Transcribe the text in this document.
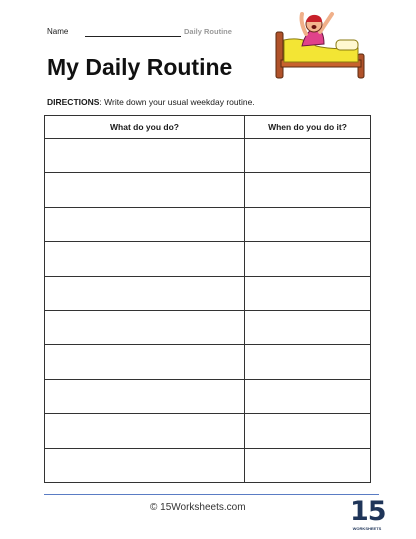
Name	Daily Routine
My Daily Routine
DIRECTIONS: Write down your usual weekday routine.
What do you do?	When do you do it?

© 15Worksheets.com	15
WORKSHEETS
